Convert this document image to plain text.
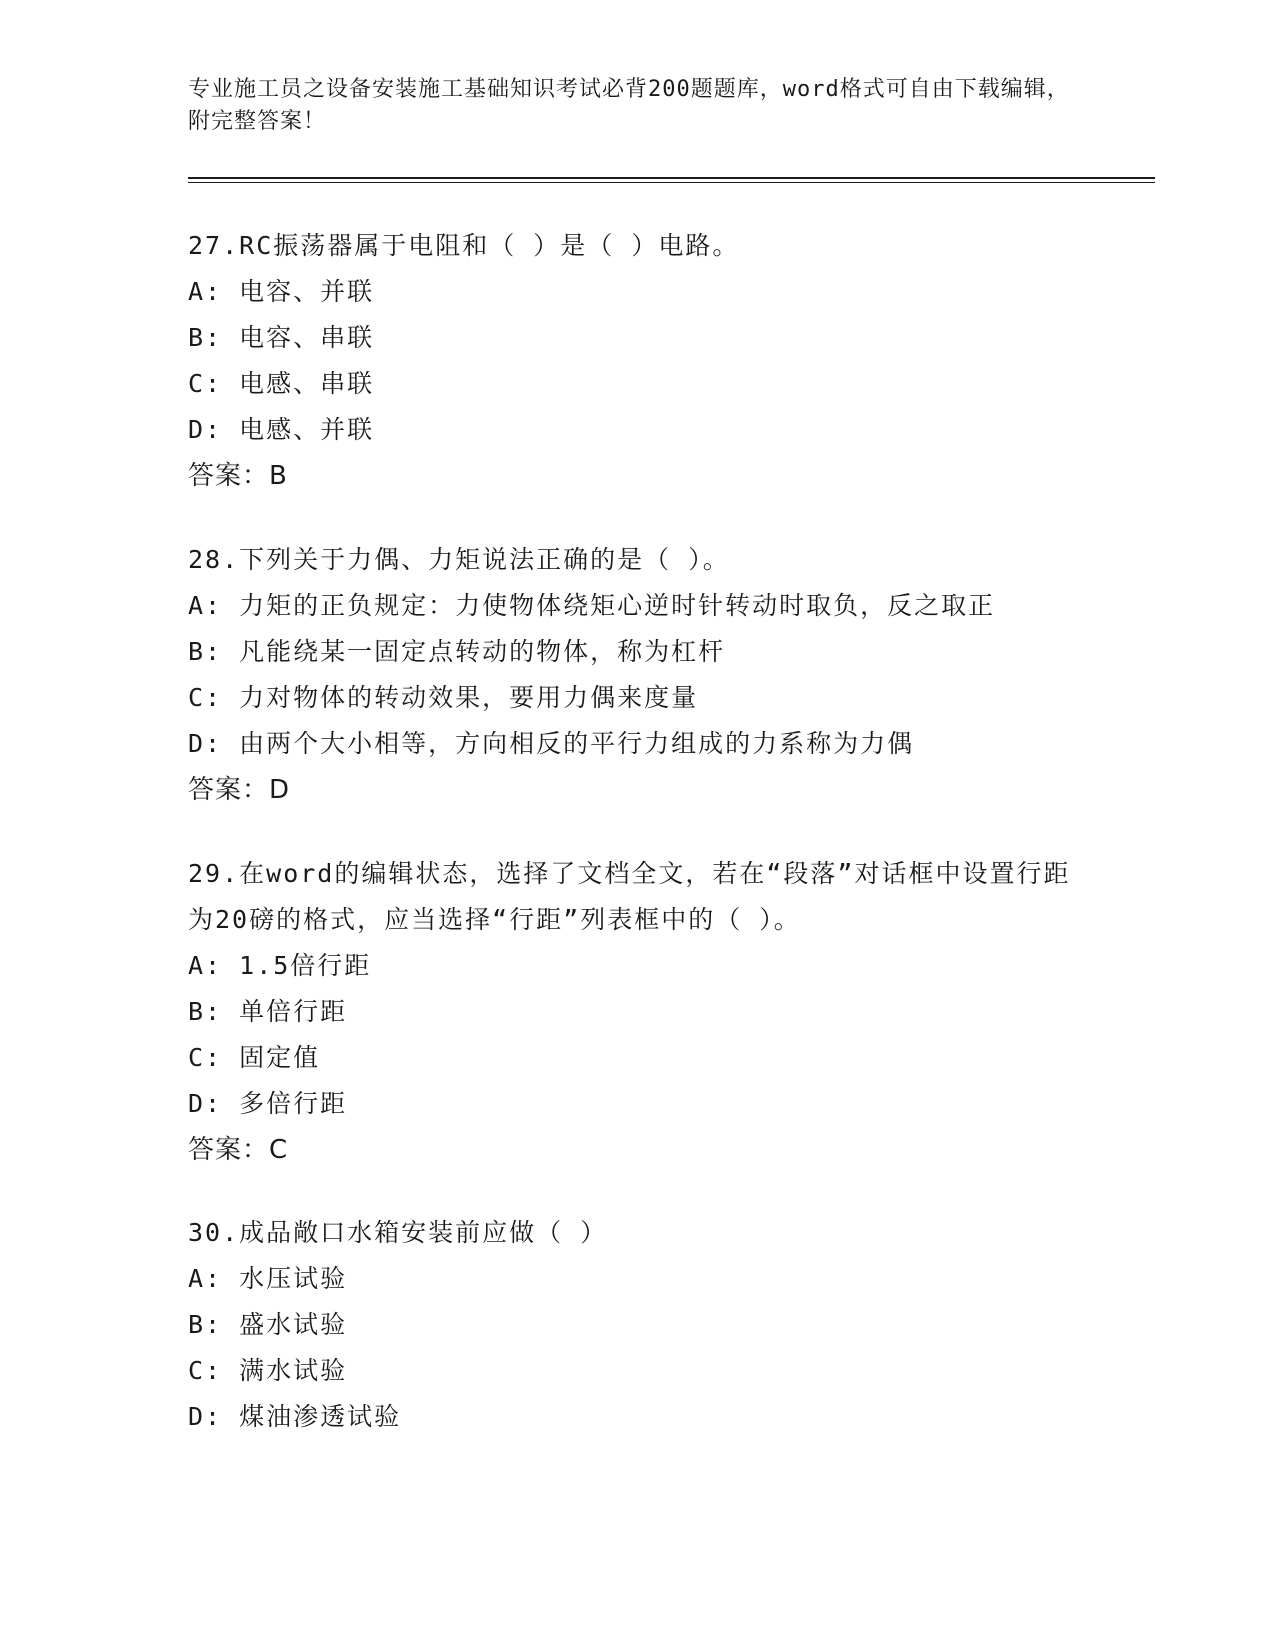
专业施工员之设备安装施工基础知识考试必背200题题库，word格式可自由下载编辑，附完整答案！
27.RC振荡器属于电阻和（ ）是（ ）电路。
A: 电容、并联
B: 电容、串联
C: 电感、串联
D: 电感、并联
答案：B
28.下列关于力偶、力矩说法正确的是（ ）。
A: 力矩的正负规定：力使物体绕矩心逆时针转动时取负，反之取正
B: 凡能绕某一固定点转动的物体，称为杠杆
C: 力对物体的转动效果，要用力偶来度量
D: 由两个大小相等，方向相反的平行力组成的力系称为力偶
答案：D
29.在word的编辑状态，选择了文档全文，若在“段落”对话框中设置行距为20磅的格式，应当选择“行距”列表框中的（ ）。
A: 1.5倍行距
B: 单倍行距
C: 固定值
D: 多倍行距
答案：C
30.成品敞口水箱安装前应做（ ）
A: 水压试验
B: 盛水试验
C: 满水试验
D: 煤油渗透试验
